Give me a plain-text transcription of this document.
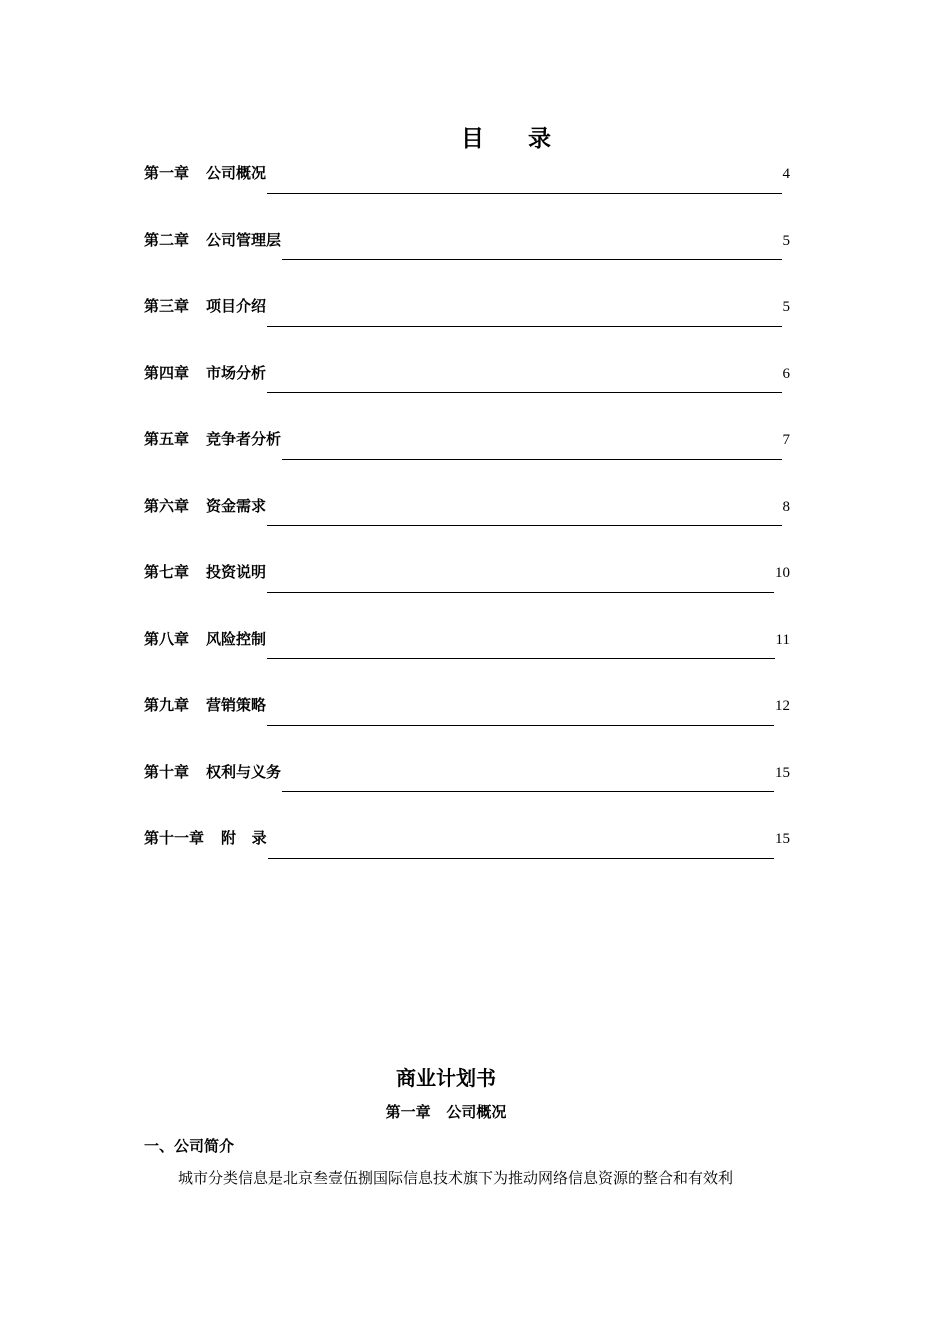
目 录
第一章 公司概况	4
第二章 公司管理层	5
第三章 项目介绍	5
第四章 市场分析	6
第五章 竞争者分析	7
第六章 资金需求	8
第七章 投资说明	10
第八章 风险控制	11
第九章 营销策略	12
第十章 权利与义务	15
第十一章 附   录	15
商业计划书
第一章   公司概况
一、公司简介
城市分类信息是北京叁壹伍捌国际信息技术旗下为推动网络信息资源的整合和有效利
